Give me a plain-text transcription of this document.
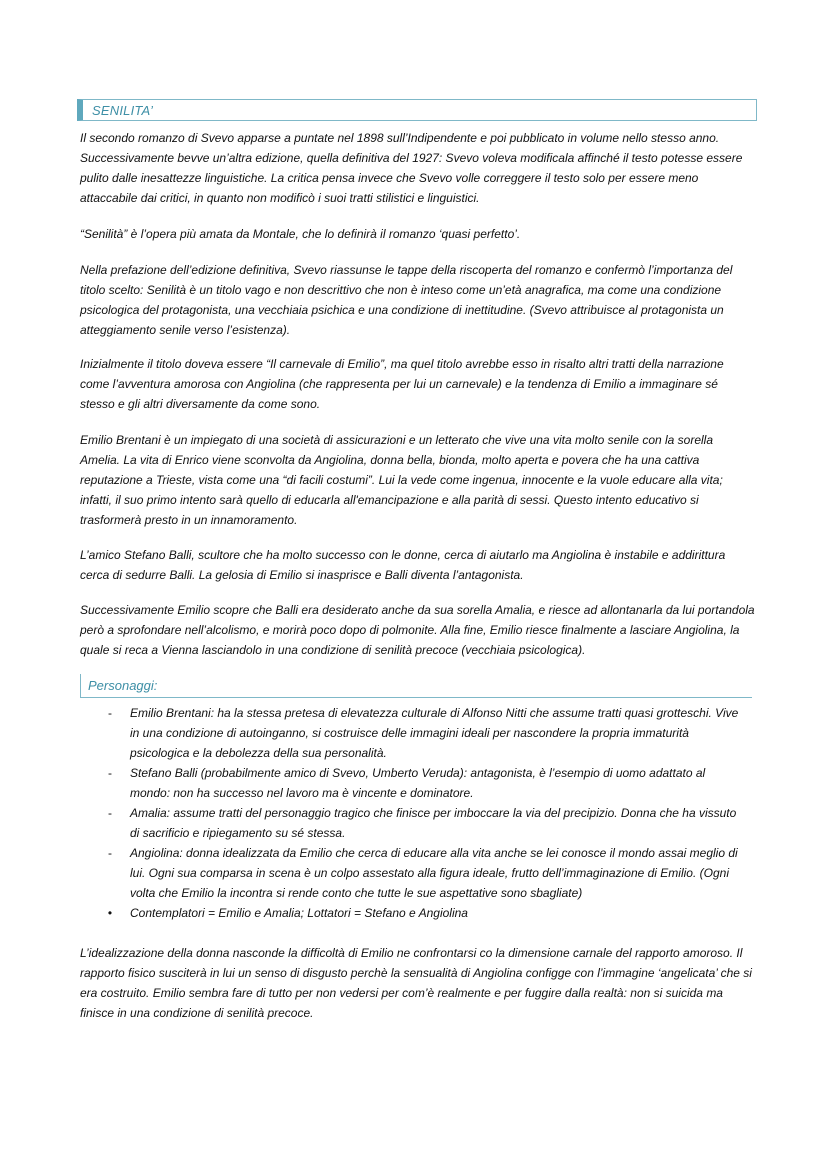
SENILITA’

Il secondo romanzo di Svevo apparse a puntate nel 1898 sull’Indipendente e poi pubblicato in volume nello stesso anno. Successivamente bevve un’altra edizione, quella definitiva del 1927: Svevo voleva modificala affinché il testo potesse essere pulito dalle inesattezze linguistiche. La critica pensa invece che Svevo volle correggere il testo solo per essere meno attaccabile dai critici, in quanto non modificò i suoi tratti stilistici e linguistici.

“Senilità” è l’opera più amata da Montale, che lo definirà il romanzo ‘quasi perfetto’.

Nella prefazione dell’edizione definitiva, Svevo riassunse le tappe della riscoperta del romanzo e confermò l’importanza del titolo scelto: Senilità è un titolo vago e non descrittivo che non è inteso come un’età anagrafica, ma come una condizione psicologica del protagonista, una vecchiaia psichica e una condizione di inettitudine. (Svevo attribuisce al protagonista un atteggiamento senile verso l’esistenza).

Inizialmente il titolo doveva essere “Il carnevale di Emilio”, ma quel titolo avrebbe esso in risalto altri tratti della narrazione come l’avventura amorosa con Angiolina (che rappresenta per lui un carnevale) e la tendenza di Emilio a immaginare sé stesso e gli altri diversamente da come sono.

Emilio Brentani è un impiegato di una società di assicurazioni e un letterato che vive una vita molto senile con la sorella Amelia. La vita di Enrico viene sconvolta da Angiolina, donna bella, bionda, molto aperta e povera che ha una cattiva reputazione a Trieste, vista come una “di facili costumi”. Lui la vede come ingenua, innocente e la vuole educare alla vita; infatti, il suo primo intento sarà quello di educarla all'emancipazione e alla parità di sessi. Questo intento educativo si trasformerà presto in un innamoramento.

L’amico Stefano Balli, scultore che ha molto successo con le donne, cerca di aiutarlo ma Angiolina è instabile e addirittura cerca di sedurre Balli. La gelosia di Emilio si inasprisce e Balli diventa l’antagonista.

Successivamente Emilio scopre che Balli era desiderato anche da sua sorella Amalia, e riesce ad allontanarla da lui portandola però a sprofondare nell’alcolismo, e morirà poco dopo di polmonite. Alla fine, Emilio riesce finalmente a lasciare Angiolina, la quale si reca a Vienna lasciandolo in una condizione di senilità precoce (vecchiaia psicologica).

Personaggi:
- Emilio Brentani: ha la stessa pretesa di elevatezza culturale di Alfonso Nitti che assume tratti quasi grotteschi. Vive in una condizione di autoinganno, si costruisce delle immagini ideali per nascondere la propria immaturità psicologica e la debolezza della sua personalità.
- Stefano Balli (probabilmente amico di Svevo, Umberto Veruda): antagonista, è l’esempio di uomo adattato al mondo: non ha successo nel lavoro ma è vincente e dominatore.
- Amalia: assume tratti del personaggio tragico che finisce per imboccare la via del precipizio. Donna che ha vissuto di sacrificio e ripiegamento su sé stessa.
- Angiolina: donna idealizzata da Emilio che cerca di educare alla vita anche se lei conosce il mondo assai meglio di lui. Ogni sua comparsa in scena è un colpo assestato alla figura ideale, frutto dell’immaginazione di Emilio. (Ogni volta che Emilio la incontra si rende conto che tutte le sue aspettative sono sbagliate)
• Contemplatori = Emilio e Amalia; Lottatori = Stefano e Angiolina

L’idealizzazione della donna nasconde la difficoltà di Emilio ne confrontarsi co la dimensione carnale del rapporto amoroso. Il rapporto fisico susciterà in lui un senso di disgusto perchè la sensualità di Angiolina configge con l’immagine ‘angelicata’ che si era costruito. Emilio sembra fare di tutto per non vedersi per com’è realmente e per fuggire dalla realtà: non si suicida ma finisce in una condizione di senilità precoce.
